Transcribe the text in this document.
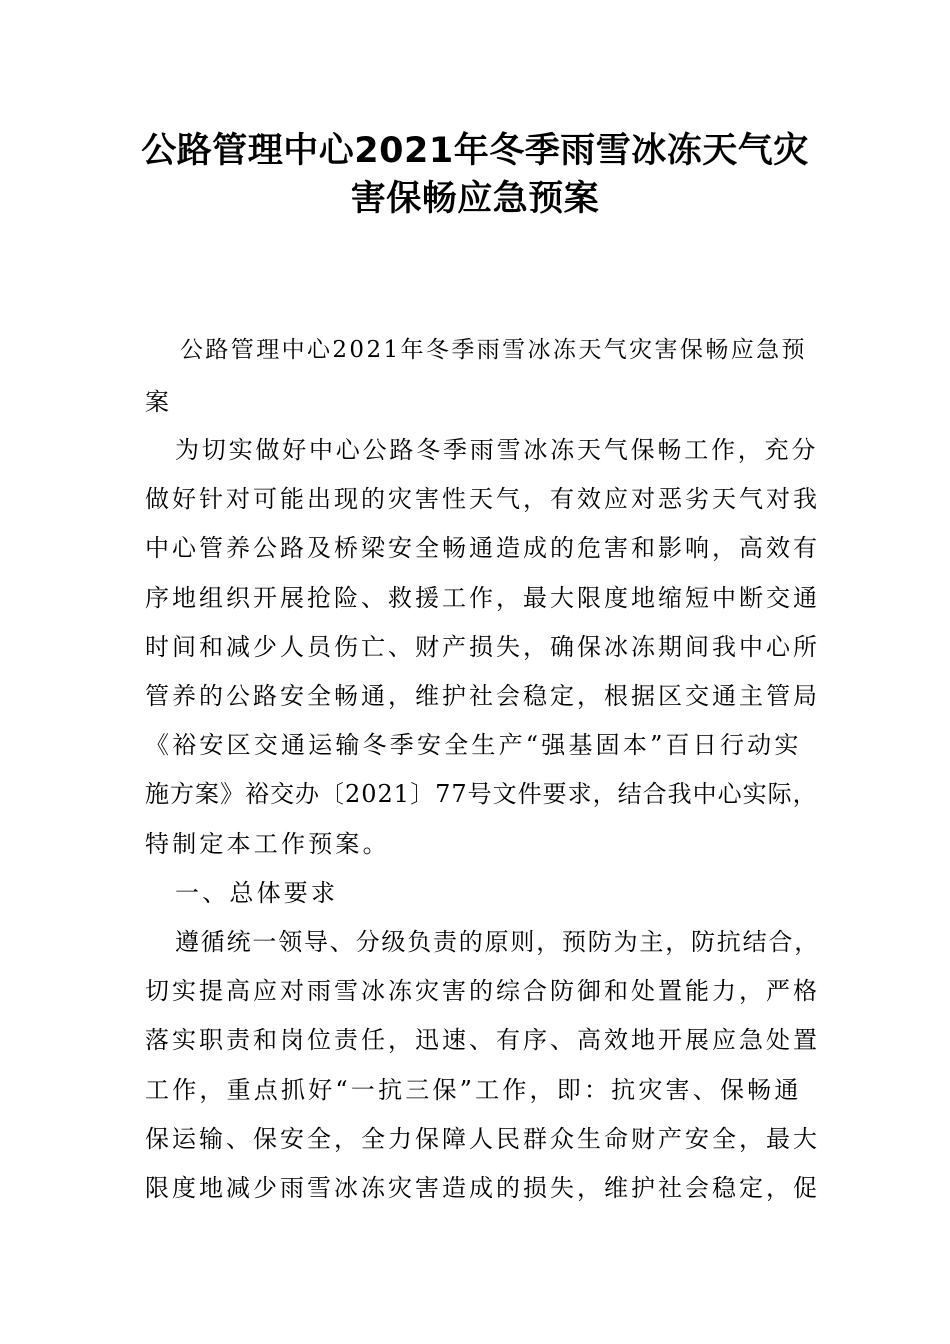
公路管理中心2021年冬季雨雪冰冻天气灾
害保畅应急预案
公路管理中心2021年冬季雨雪冰冻天气灾害保畅应急预
案
为切实做好中心公路冬季雨雪冰冻天气保畅工作，充分
做好针对可能出现的灾害性天气，有效应对恶劣天气对我
中心管养公路及桥梁安全畅通造成的危害和影响，高效有
序地组织开展抢险、救援工作，最大限度地缩短中断交通
时间和减少人员伤亡、财产损失，确保冰冻期间我中心所
管养的公路安全畅通，维护社会稳定，根据区交通主管局
《裕安区交通运输冬季安全生产“强基固本”百日行动实
施方案》裕交办〔2021〕77号文件要求，结合我中心实际，
特制定本工作预案。
一、总体要求
遵循统一领导、分级负责的原则，预防为主，防抗结合，
切实提高应对雨雪冰冻灾害的综合防御和处置能力，严格
落实职责和岗位责任，迅速、有序、高效地开展应急处置
工作，重点抓好“一抗三保”工作，即：抗灾害、保畅通
保运输、保安全，全力保障人民群众生命财产安全，最大
限度地减少雨雪冰冻灾害造成的损失，维护社会稳定，促
